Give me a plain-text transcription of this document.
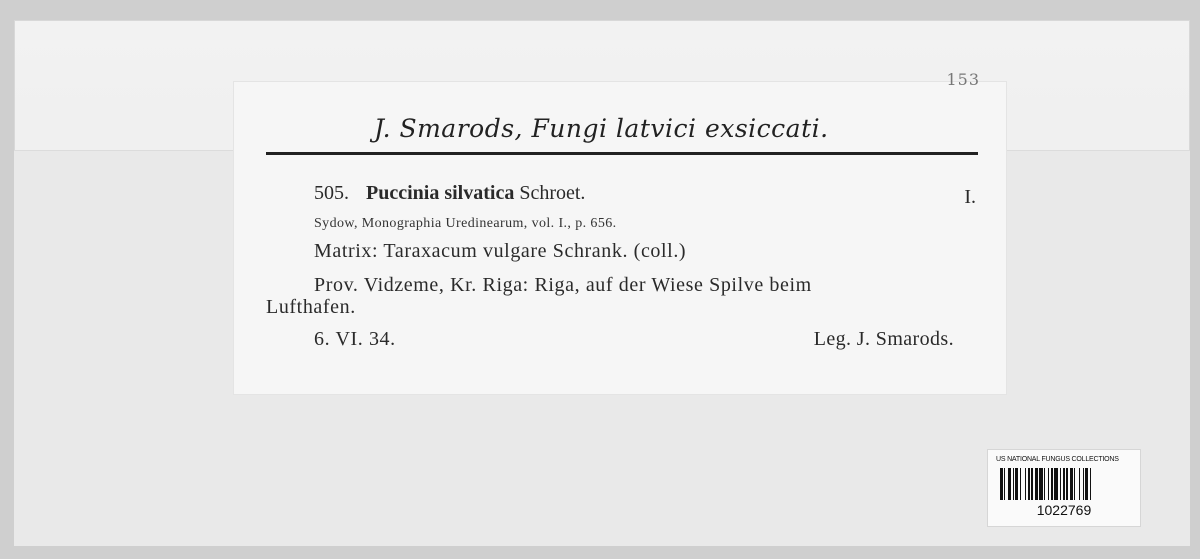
153
J. Smarods, Fungi latvici exsiccati.
505. Puccinia silvatica Schroet.	I.
Sydow, Monographia Uredinearum, vol. I., p. 656.
Matrix: Taraxacum vulgare Schrank. (coll.)
Prov. Vidzeme, Kr. Riga: Riga, auf der Wiese Spilve beim
Lufthafen.
6. VI. 34.	Leg. J. Smarods.
US NATIONAL FUNGUS COLLECTIONS
1022769
